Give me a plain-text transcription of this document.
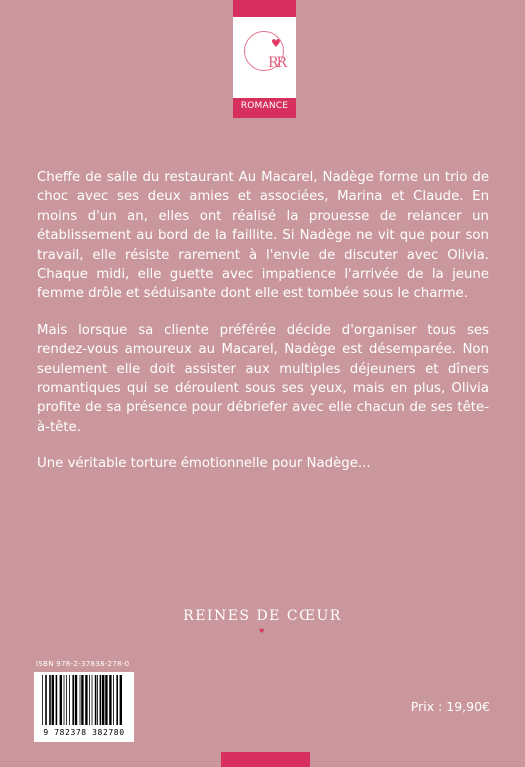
♥
RR
ROMANCE

Cheffe de salle du restaurant Au Macarel, Nadège forme un trio de choc avec ses deux amies et associées, Marina et Claude. En moins d'un an, elles ont réalisé la prouesse de relancer un établissement au bord de la faillite. Si Nadège ne vit que pour son travail, elle résiste rarement à l'envie de discuter avec Olivia. Chaque midi, elle guette avec impatience l'arrivée de la jeune femme drôle et séduisante dont elle est tombée sous le charme.

Mais lorsque sa cliente préférée décide d'organiser tous ses rendez-vous amoureux au Macarel, Nadège est désemparée. Non seulement elle doit assister aux multiples déjeuners et dîners romantiques qui se déroulent sous ses yeux, mais en plus, Olivia profite de sa présence pour débriefer avec elle chacun de ses tête-à-tête.

Une véritable torture émotionnelle pour Nadège...

REINES DE CŒUR
♥
ISBN 978-2-37838-278-0
9 782378 382780
Prix : 19,90€
